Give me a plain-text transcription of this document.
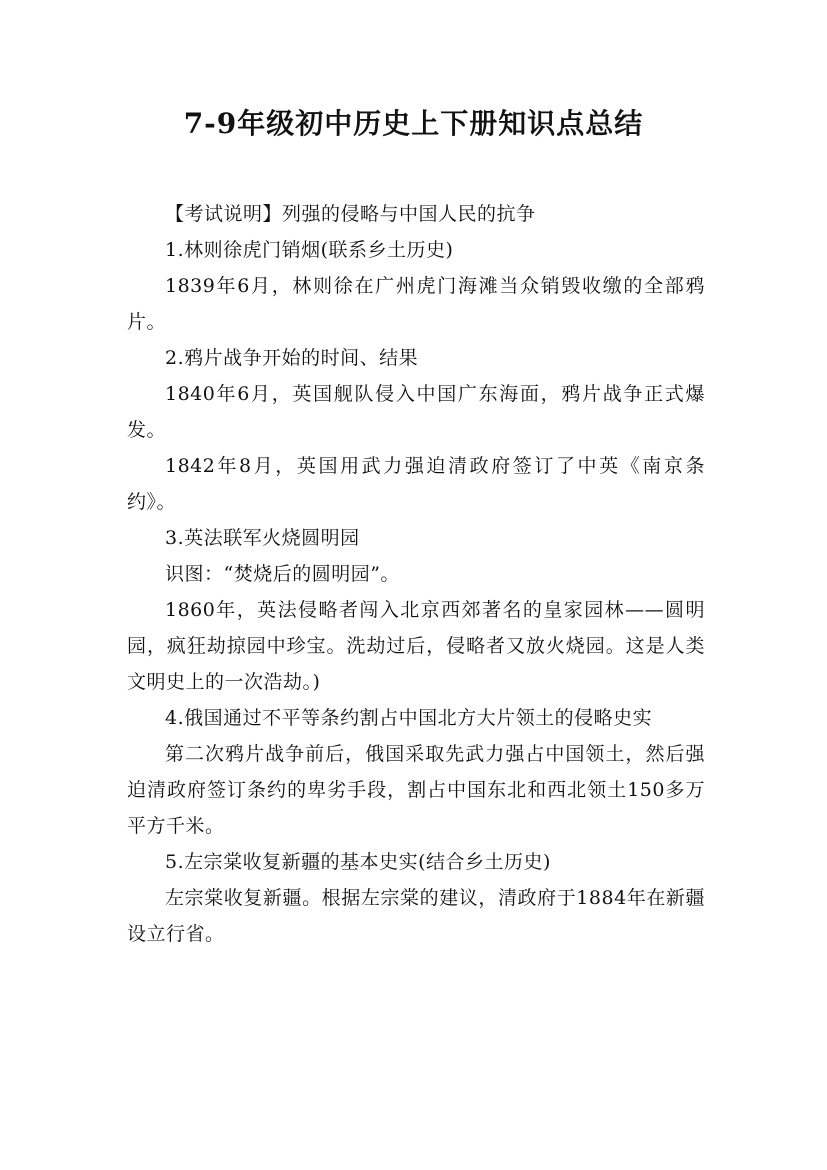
7-9年级初中历史上下册知识点总结

【考试说明】列强的侵略与中国人民的抗争

1.林则徐虎门销烟(联系乡土历史)

1839年6月，林则徐在广州虎门海滩当众销毁收缴的全部鸦片。

2.鸦片战争开始的时间、结果

1840年6月，英国舰队侵入中国广东海面，鸦片战争正式爆发。

1842年8月，英国用武力强迫清政府签订了中英《南京条约》。

3.英法联军火烧圆明园

识图：“焚烧后的圆明园”。

1860年，英法侵略者闯入北京西郊著名的皇家园林——圆明园，疯狂劫掠园中珍宝。洗劫过后，侵略者又放火烧园。这是人类文明史上的一次浩劫。)

4.俄国通过不平等条约割占中国北方大片领土的侵略史实

第二次鸦片战争前后，俄国采取先武力强占中国领土，然后强迫清政府签订条约的卑劣手段，割占中国东北和西北领土150多万平方千米。

5.左宗棠收复新疆的基本史实(结合乡土历史)

左宗棠收复新疆。根据左宗棠的建议，清政府于1884年在新疆设立行省。
